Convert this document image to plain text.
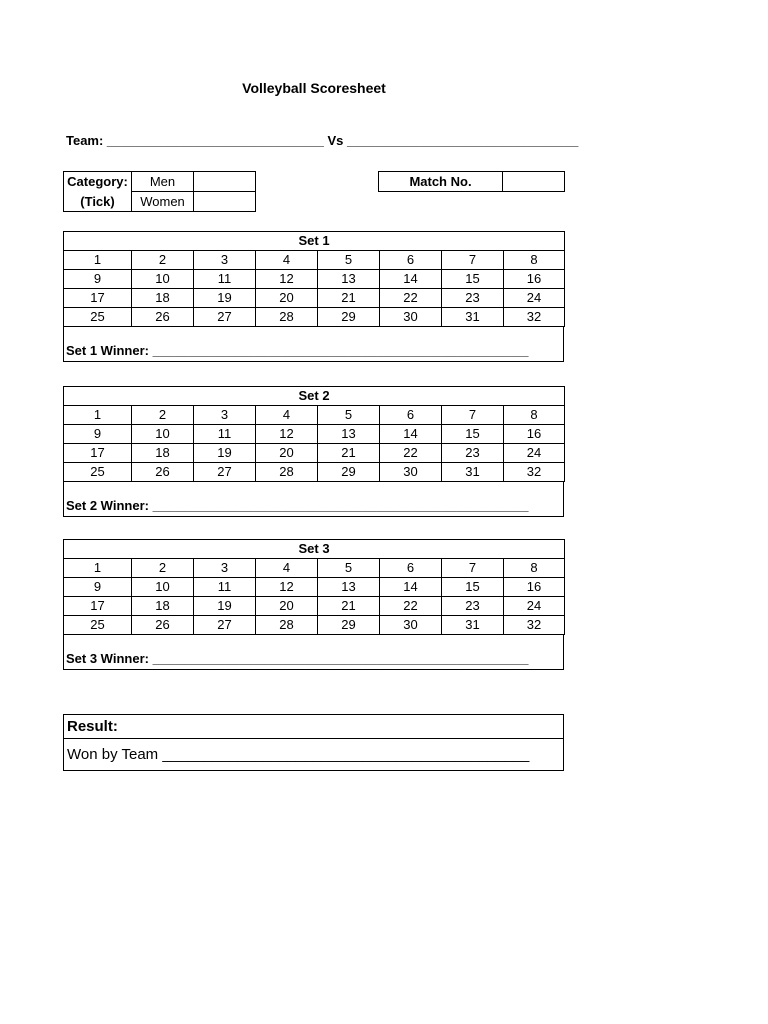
Volleyball Scoresheet
Team: ______________________________ Vs ________________________________
Category:	Men	
(Tick)	Women	
Match No.	
Set 1							
1	2	3	4	5	6	7	8
9	10	11	12	13	14	15	16
17	18	19	20	21	22	23	24
25	26	27	28	29	30	31	32
Set 1 Winner: ____________________________________________________
Set 2							
1	2	3	4	5	6	7	8
9	10	11	12	13	14	15	16
17	18	19	20	21	22	23	24
25	26	27	28	29	30	31	32
Set 2 Winner: ____________________________________________________
Set 3							
1	2	3	4	5	6	7	8
9	10	11	12	13	14	15	16
17	18	19	20	21	22	23	24
25	26	27	28	29	30	31	32
Set 3 Winner: ____________________________________________________
Result:
Won by Team ____________________________________________
